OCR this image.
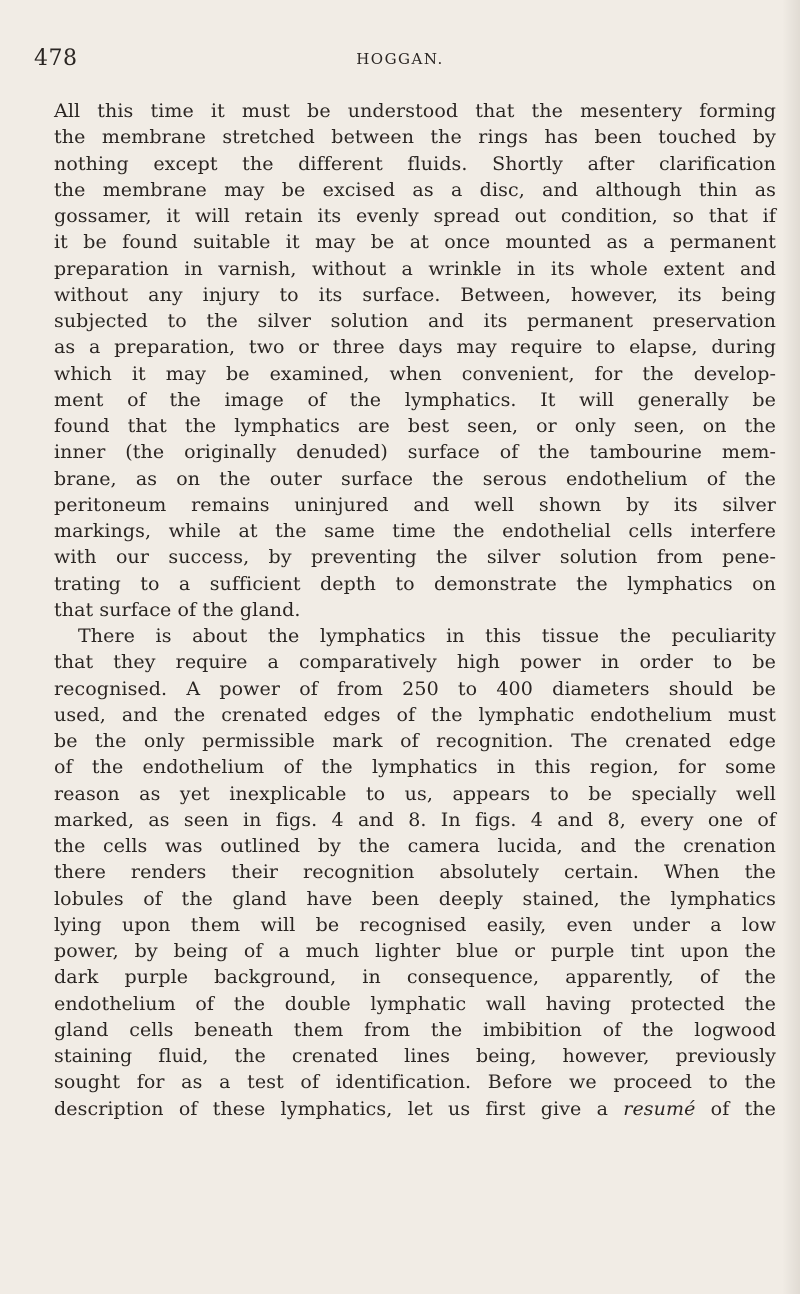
478	HOGGAN.
All this time it must be understood that the mesentery forming
the membrane stretched between the rings has been touched by
nothing except the different fluids. Shortly after clarification
the membrane may be excised as a disc, and although thin as
gossamer, it will retain its evenly spread out condition, so that if
it be found suitable it may be at once mounted as a permanent
preparation in varnish, without a wrinkle in its whole extent and
without any injury to its surface. Between, however, its being
subjected to the silver solution and its permanent preservation
as a preparation, two or three days may require to elapse, during
which it may be examined, when convenient, for the develop-
ment of the image of the lymphatics. It will generally be
found that the lymphatics are best seen, or only seen, on the
inner (the originally denuded) surface of the tambourine mem-
brane, as on the outer surface the serous endothelium of the
peritoneum remains uninjured and well shown by its silver
markings, while at the same time the endothelial cells interfere
with our success, by preventing the silver solution from pene-
trating to a sufficient depth to demonstrate the lymphatics on
that surface of the gland.
There is about the lymphatics in this tissue the peculiarity
that they require a comparatively high power in order to be
recognised. A power of from 250 to 400 diameters should be
used, and the crenated edges of the lymphatic endothelium must
be the only permissible mark of recognition. The crenated edge
of the endothelium of the lymphatics in this region, for some
reason as yet inexplicable to us, appears to be specially well
marked, as seen in figs. 4 and 8. In figs. 4 and 8, every one of
the cells was outlined by the camera lucida, and the crenation
there renders their recognition absolutely certain. When the
lobules of the gland have been deeply stained, the lymphatics
lying upon them will be recognised easily, even under a low
power, by being of a much lighter blue or purple tint upon the
dark purple background, in consequence, apparently, of the
endothelium of the double lymphatic wall having protected the
gland cells beneath them from the imbibition of the logwood
staining fluid, the crenated lines being, however, previously
sought for as a test of identification. Before we proceed to the
description of these lymphatics, let us first give a resumé of the
